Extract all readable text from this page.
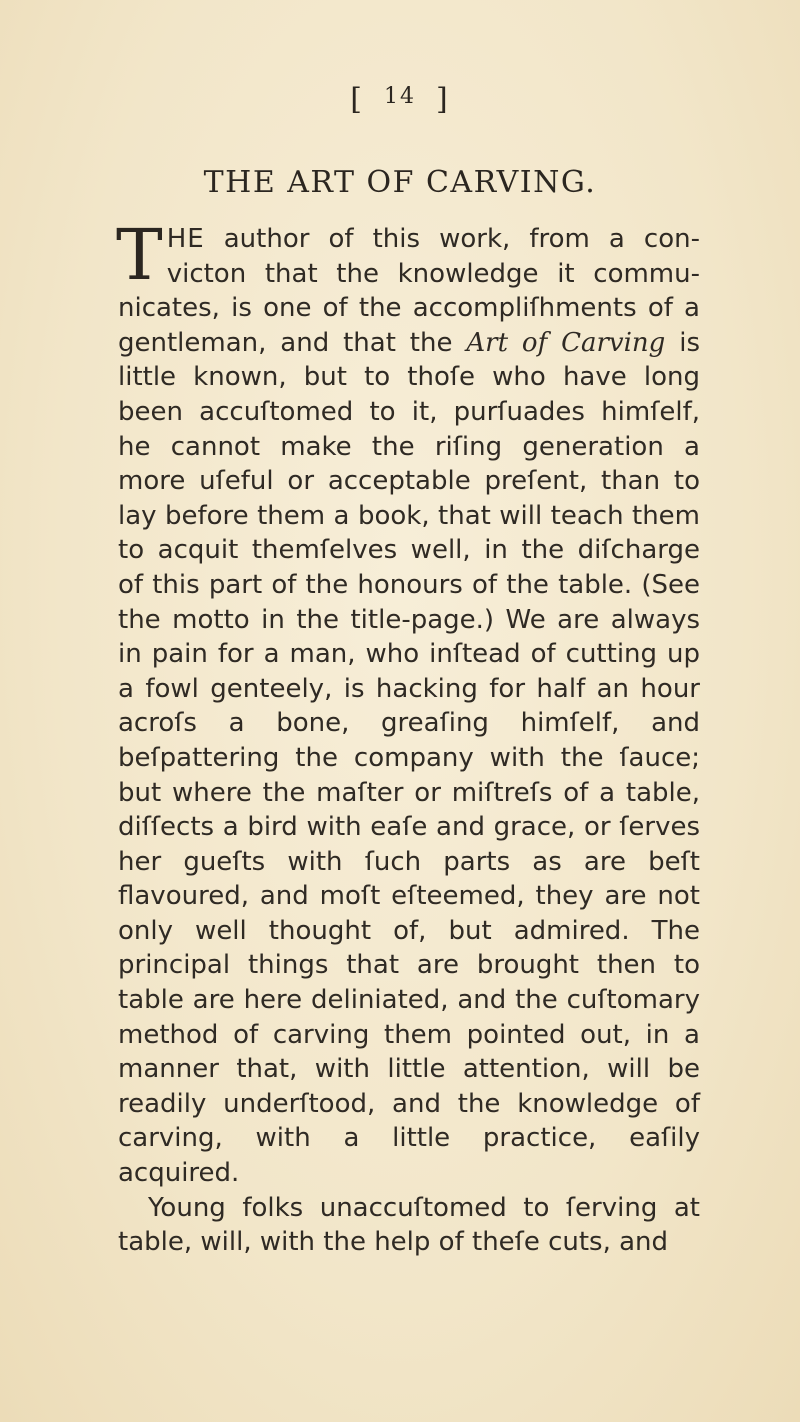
[ $^{14}$ ]
THE ART OF CARVING.

THE author of this work, from a con- victon that the knowledge it commu- nicates, is one of the accompliſhments of a gentleman, and that the Art of Carving is little known, but to thoſe who have long been accuſtomed to it, purſuades himſelf, he cannot make the riſing generation a more uſeful or acceptable preſent, than to lay before them a book, that will teach them to acquit themſelves well, in the diſcharge of this part of the honours of the table. (See the motto in the title-page.) We are always in pain for a man, who inſtead of cutting up a fowl genteely, is hacking for half an hour acroſs a bone, greaſing himſelf, and beſpattering the company with the ſauce; but where the maſter or miſtreſs of a table, diſſects a bird with eaſe and grace, or ſerves her gueſts with ſuch parts as are beſt flavoured, and moſt eſteemed, they are not only well thought of, but admired. The principal things that are brought then to table are here deliniated, and the cuſtomary method of carving them pointed out, in a manner that, with little attention, will be readily underſtood, and the knowledge of carving, with a little practice, eaſily acquired.

Young folks unaccuſtomed to ſerving at table, will, with the help of theſe cuts, and
